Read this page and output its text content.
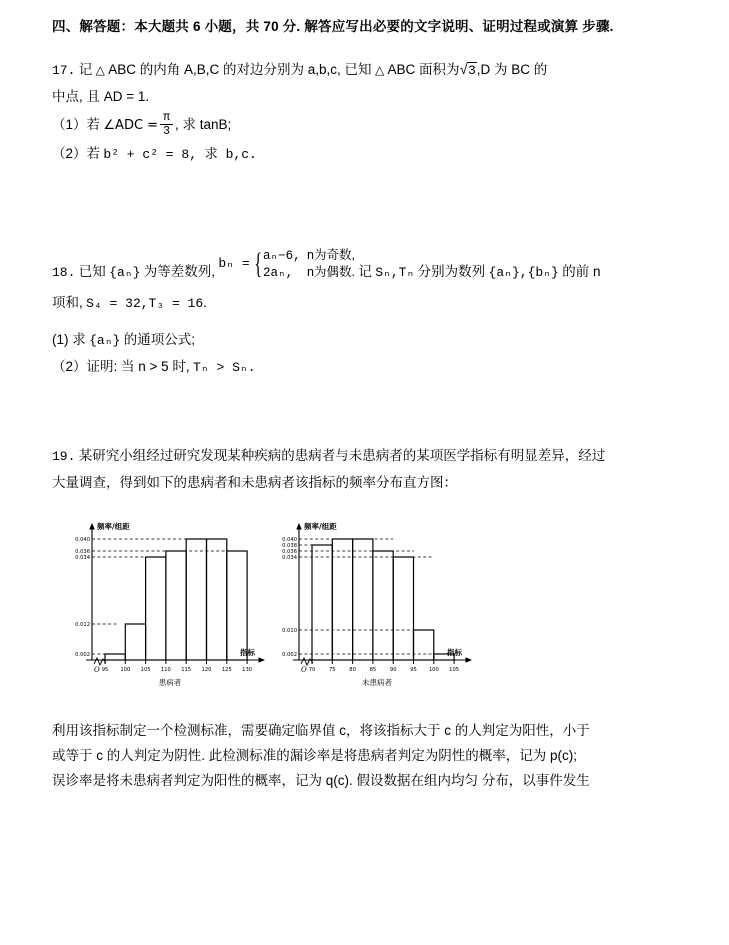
四、解答题：本大题共 6 小题，共 70 分. 解答应写出必要的文字说明、证明过程或演算 步骤.
17. 记 △ ABC 的内角 A,B,C 的对边分别为 a,b,c, 已知 △ ABC 面积为√3,D 为 BC 的
中点, 且 AD = 1.
（1）若 ∠ADC = $\frac{\pi}{3}$ , 求 tanB;
（2）若 b² + c² = 8, 求 b,c.
18. 已知 {aₙ} 为等差数列, bₙ = {aₙ−6, n为奇数,
2aₙ, n为偶数. 记 Sₙ,Tₙ 分别为数列 {aₙ},{bₙ} 的前 n
项和, S₄ = 32,T₃ = 16.
(1) 求 {aₙ} 的通项公式;
（2）证明: 当 n > 5 时, Tₙ > Sₙ.
19. 某研究小组经过研究发现某种疾病的患病者与未患病者的某项医学指标有明显差异，经过
大量调查，得到如下的患病者和未患病者该指标的频率分布直方图：
0.040
0.036
0.034
0.012
0.002
95 100 105 110 115 120 125 130
O
频率/组距
指标
患病者
0.040
0.038
0.036
0.034
0.010
0.002
70	75	80	85	90	95 100 105
O
频率/组距
指标
未患病者
利用该指标制定一个检测标准，需要确定临界值 c，将该指标大于 c 的人判定为阳性，小于
或等于 c 的人判定为阴性. 此检测标准的漏诊率是将患病者判定为阴性的概率，记为 p(c);
误诊率是将未患病者判定为阳性的概率，记为 q(c). 假设数据在组内均匀 分布，以事件发生
